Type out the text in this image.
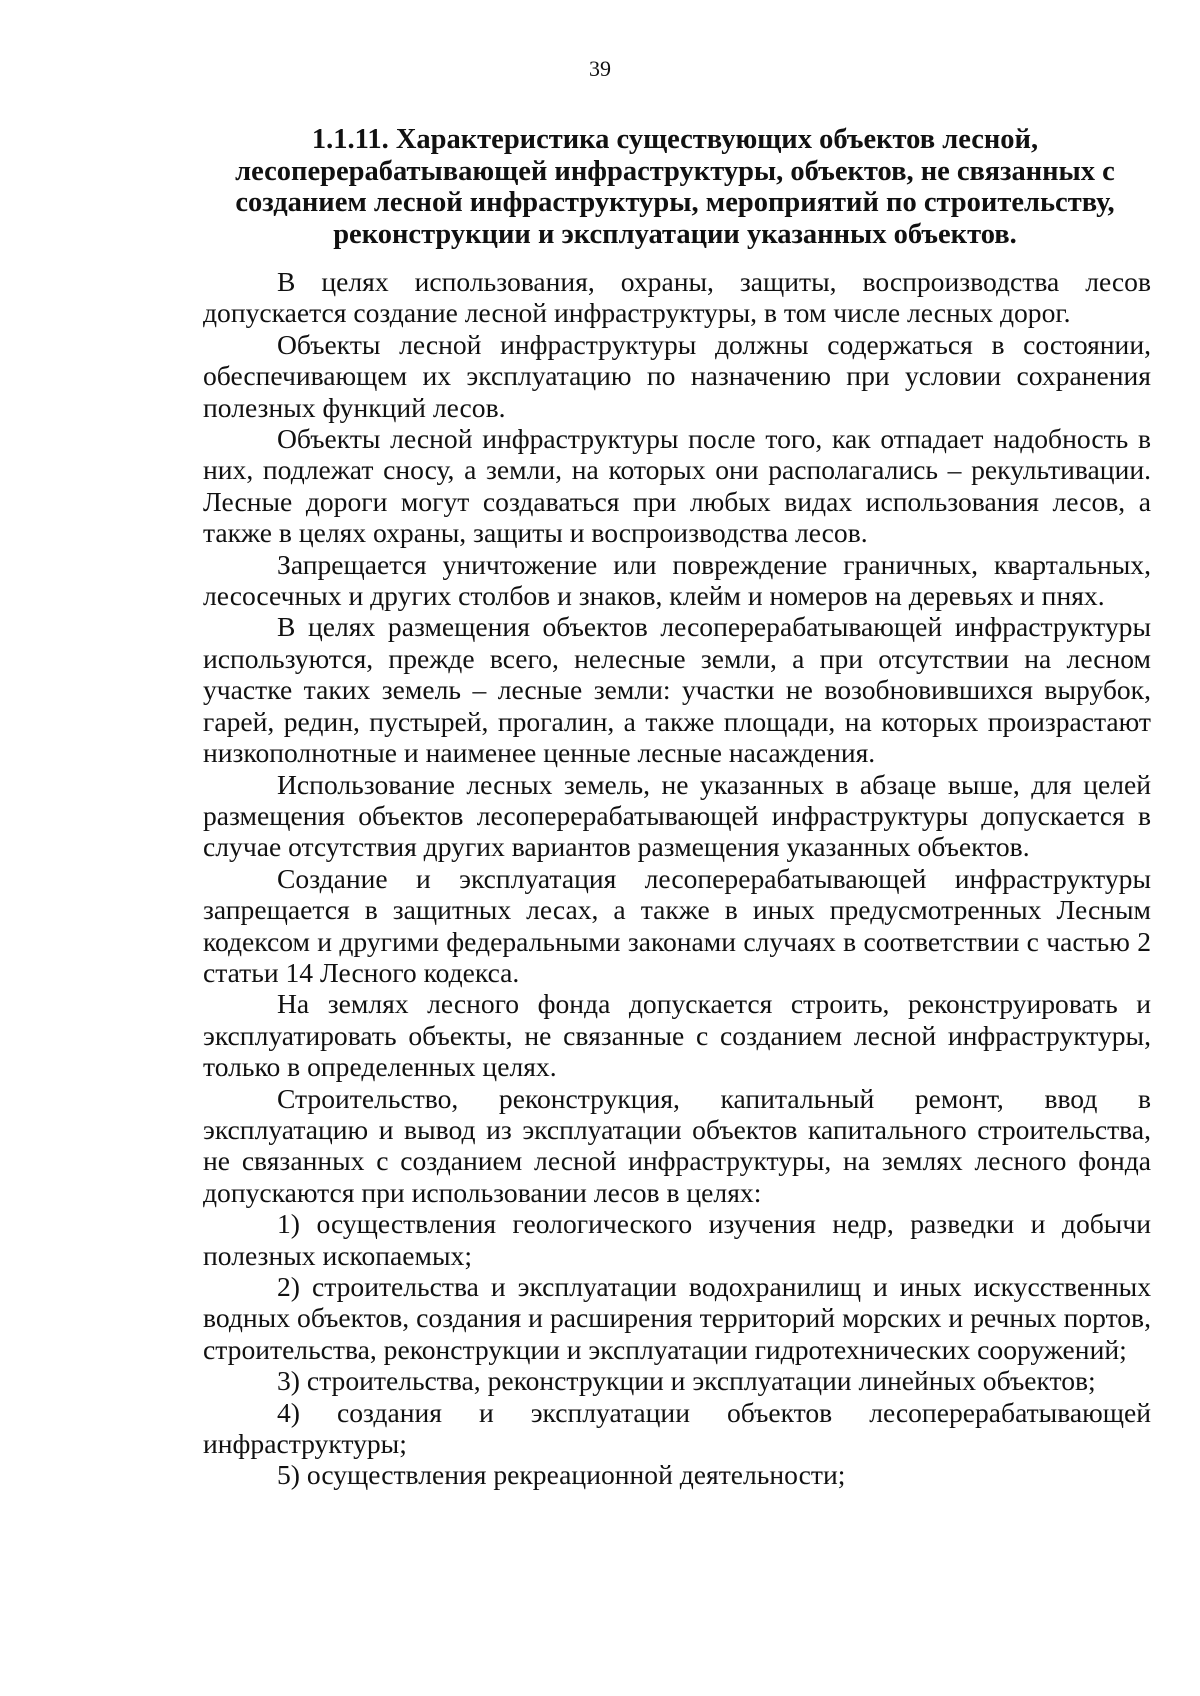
39
1.1.11. Характеристика существующих объектов лесной, лесоперерабатывающей инфраструктуры, объектов, не связанных с созданием лесной инфраструктуры, мероприятий по строительству, реконструкции и эксплуатации указанных объектов.

В целях использования, охраны, защиты, воспроизводства лесов допускается создание лесной инфраструктуры, в том числе лесных дорог.

Объекты лесной инфраструктуры должны содержаться в состоянии, обеспечивающем их эксплуатацию по назначению при условии сохранения полезных функций лесов.

Объекты лесной инфраструктуры после того, как отпадает надобность в них, подлежат сносу, а земли, на которых они располагались – рекультивации. Лесные дороги могут создаваться при любых видах использования лесов, а также в целях охраны, защиты и воспроизводства лесов.

Запрещается уничтожение или повреждение граничных, квартальных, лесосечных и других столбов и знаков, клейм и номеров на деревьях и пнях.

В целях размещения объектов лесоперерабатывающей инфраструктуры используются, прежде всего, нелесные земли, а при отсутствии на лесном участке таких земель – лесные земли: участки не возобновившихся вырубок, гарей, редин, пустырей, прогалин, а также площади, на которых произрастают низкополнотные и наименее ценные лесные насаждения.

Использование лесных земель, не указанных в абзаце выше, для целей размещения объектов лесоперерабатывающей инфраструктуры допускается в случае отсутствия других вариантов размещения указанных объектов.

Создание и эксплуатация лесоперерабатывающей инфраструктуры запрещается в защитных лесах, а также в иных предусмотренных Лесным кодексом и другими федеральными законами случаях в соответствии с частью 2 статьи 14 Лесного кодекса.

На землях лесного фонда допускается строить, реконструировать и эксплуатировать объекты, не связанные с созданием лесной инфраструктуры, только в определенных целях.

Строительство, реконструкция, капитальный ремонт, ввод в эксплуатацию и вывод из эксплуатации объектов капитального строительства, не связанных с созданием лесной инфраструктуры, на землях лесного фонда допускаются при использовании лесов в целях:

1) осуществления геологического изучения недр, разведки и добычи полезных ископаемых;

2) строительства и эксплуатации водохранилищ и иных искусственных водных объектов, создания и расширения территорий морских и речных портов, строительства, реконструкции и эксплуатации гидротехнических сооружений;

3) строительства, реконструкции и эксплуатации линейных объектов;

4) создания и эксплуатации объектов лесоперерабатывающей инфраструктуры;

5) осуществления рекреационной деятельности;
